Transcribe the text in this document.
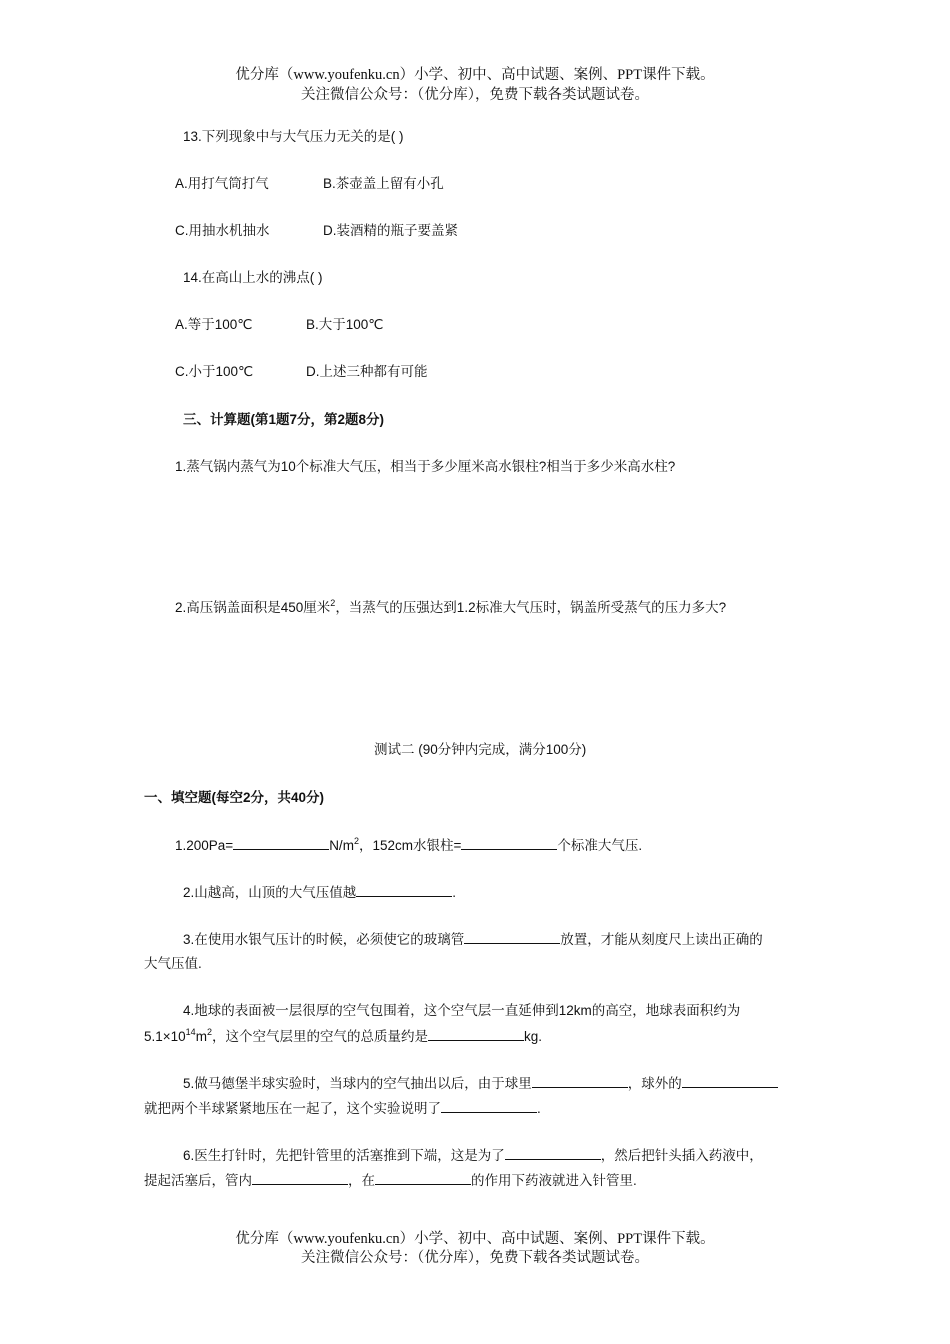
优分库（www.youfenku.cn）小学、初中、高中试题、案例、PPT课件下载。
关注微信公众号：（优分库），免费下载各类试题试卷。
13.下列现象中与大气压力无关的是( )
A.用打气筒打气	B.茶壶盖上留有小孔
C.用抽水机抽水	D.装酒精的瓶子要盖紧
14.在高山上水的沸点( )
A.等于100℃	B.大于100℃
C.小于100℃	D.上述三种都有可能
三、计算题(第1题7分，第2题8分)
1.蒸气锅内蒸气为10个标准大气压，相当于多少厘米高水银柱?相当于多少米高水柱?
2.高压锅盖面积是450厘米$^2$，当蒸气的压强达到1.2标准大气压时，锅盖所受蒸气的压力多大?
测试二 (90分钟内完成，满分100分)
一、填空题(每空2分，共40分)
1.200Pa=	$N/m^2$，152cm水银柱=	个标准大气压.
2.山越高，山顶的大气压值越	.
3.在使用水银气压计的时候，必须使它的玻璃管	放置，才能从刻度尺上读出正确的
大气压值.
4.地球的表面被一层很厚的空气包围着，这个空气层一直延伸到12km的高空，地球表面积约为
$5.1\times 10^{14}m^2$，这个空气层里的空气的总质量约是	kg.
5.做马德堡半球实验时，当球内的空气抽出以后，由于球里	，球外的
就把两个半球紧紧地压在一起了，这个实验说明了	.
6.医生打针时，先把针管里的活塞推到下端，这是为了	，然后把针头插入药液中，
提起活塞后，管内	，在	的作用下药液就进入针管里.
优分库（www.youfenku.cn）小学、初中、高中试题、案例、PPT课件下载。
关注微信公众号：（优分库），免费下载各类试题试卷。
